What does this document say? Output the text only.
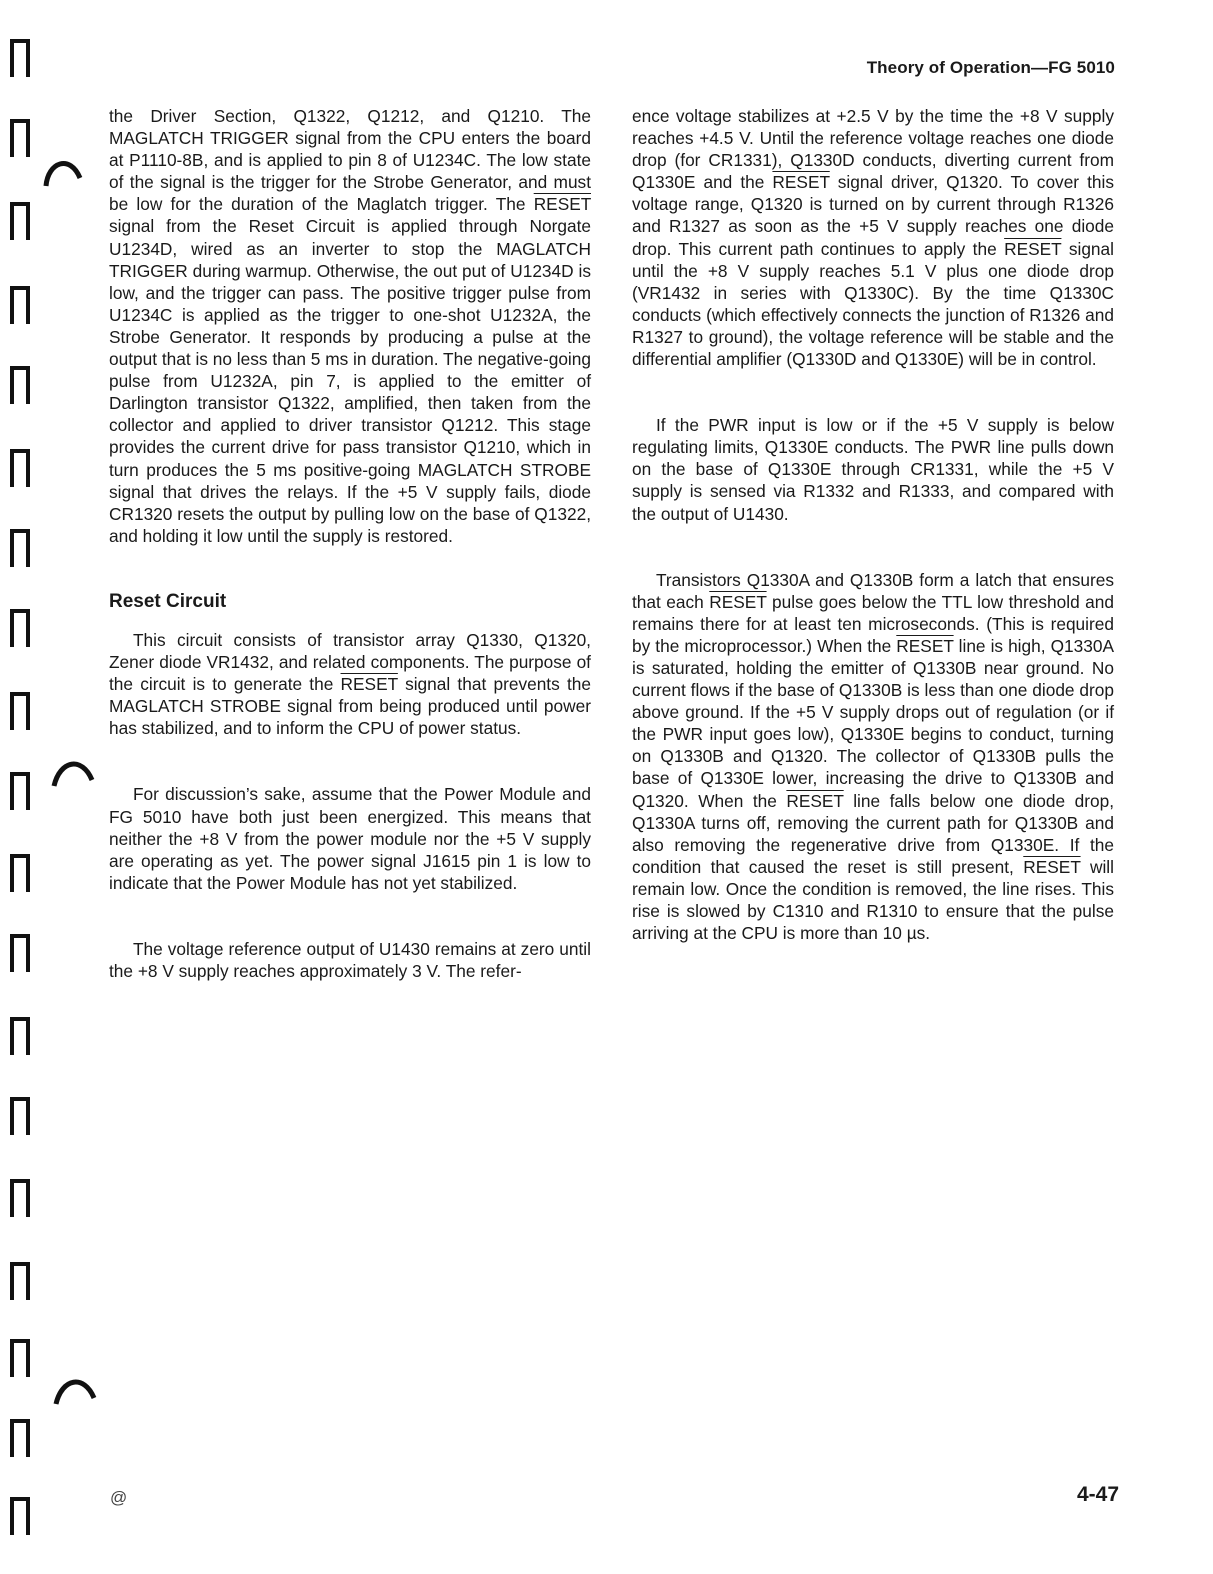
Theory of Operation—FG 5010

the Driver Section, Q1322, Q1212, and Q1210. The MAGLATCH TRIGGER signal from the CPU enters the board at P1110-8B, and is applied to pin 8 of U1234C. The low state of the signal is the trigger for the Strobe Generator, and must be low for the duration of the Maglatch trigger. The RESET signal from the Reset Circuit is applied through Norgate U1234D, wired as an inverter to stop the MAGLATCH TRIGGER during warmup. Otherwise, the out put of U1234D is low, and the trigger can pass. The positive trigger pulse from U1234C is applied as the trigger to one-shot U1232A, the Strobe Generator. It responds by producing a pulse at the output that is no less than 5 ms in duration. The negative-going pulse from U1232A, pin 7, is applied to the emitter of Darlington transistor Q1322, amplified, then taken from the collector and applied to driver transistor Q1212. This stage provides the current drive for pass transistor Q1210, which in turn produces the 5 ms positive-going MAGLATCH STROBE signal that drives the relays. If the +5 V supply fails, diode CR1320 resets the output by pulling low on the base of Q1322, and holding it low until the supply is restored.

Reset Circuit

This circuit consists of transistor array Q1330, Q1320, Zener diode VR1432, and related components. The purpose of the circuit is to generate the RESET signal that prevents the MAGLATCH STROBE signal from being produced until power has stabilized, and to inform the CPU of power status.

For discussion’s sake, assume that the Power Module and FG 5010 have both just been energized. This means that neither the +8 V from the power module nor the +5 V supply are operating as yet. The power signal J1615 pin 1 is low to indicate that the Power Module has not yet stabilized.

The voltage reference output of U1430 remains at zero until the +8 V supply reaches approximately 3 V. The refer-

ence voltage stabilizes at +2.5 V by the time the +8 V supply reaches +4.5 V. Until the reference voltage reaches one diode drop (for CR1331), Q1330D conducts, diverting current from Q1330E and the RESET signal driver, Q1320. To cover this voltage range, Q1320 is turned on by current through R1326 and R1327 as soon as the +5 V supply reaches one diode drop. This current path continues to apply the RESET signal until the +8 V supply reaches 5.1 V plus one diode drop (VR1432 in series with Q1330C). By the time Q1330C conducts (which effectively connects the junction of R1326 and R1327 to ground), the voltage reference will be stable and the differential amplifier (Q1330D and Q1330E) will be in control.

If the PWR input is low or if the +5 V supply is below regulating limits, Q1330E conducts. The PWR line pulls down on the base of Q1330E through CR1331, while the +5 V supply is sensed via R1332 and R1333, and compared with the output of U1430.

Transistors Q1330A and Q1330B form a latch that ensures that each RESET pulse goes below the TTL low threshold and remains there for at least ten microseconds. (This is required by the microprocessor.) When the RESET line is high, Q1330A is saturated, holding the emitter of Q1330B near ground. No current flows if the base of Q1330B is less than one diode drop above ground. If the +5 V supply drops out of regulation (or if the PWR input goes low), Q1330E begins to conduct, turning on Q1330B and Q1320. The collector of Q1330B pulls the base of Q1330E lower, increasing the drive to Q1330B and Q1320. When the RESET line falls below one diode drop, Q1330A turns off, removing the current path for Q1330B and also removing the regenerative drive from Q1330E. If the condition that caused the reset is still present, RESET will remain low. Once the condition is removed, the line rises. This rise is slowed by C1310 and R1310 to ensure that the pulse arriving at the CPU is more than 10 µs.

@	4-47
